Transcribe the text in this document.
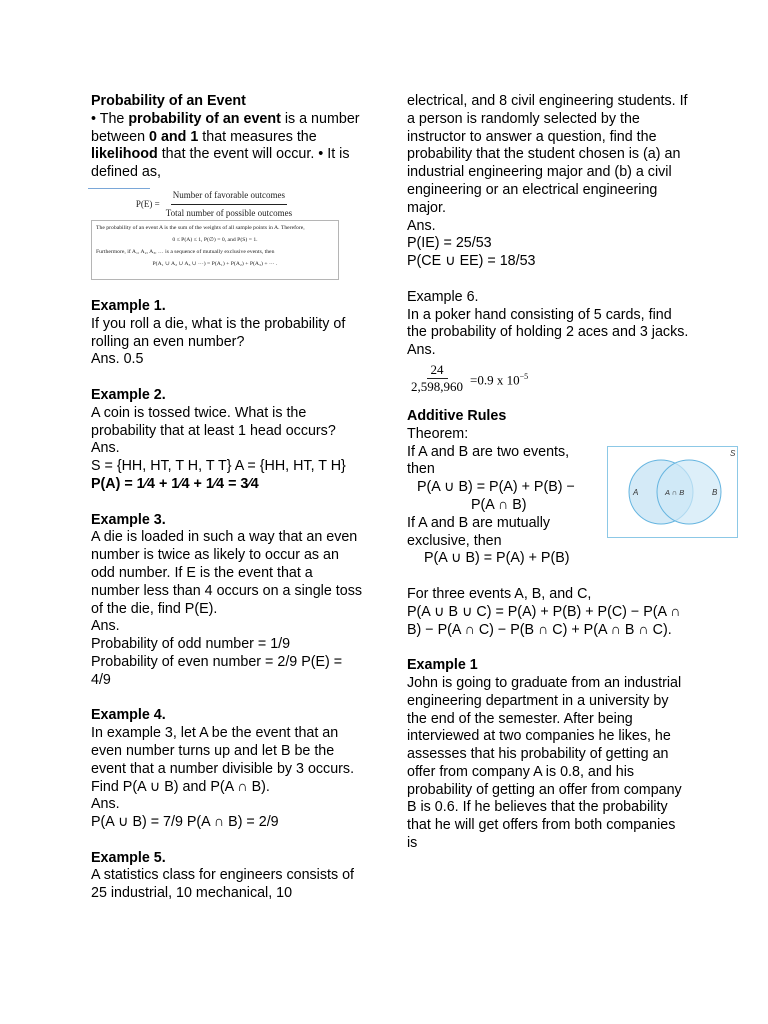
Probability of an Event

• The probability of an event is a number between 0 and 1 that measures the likelihood that the event will occur. • It is defined as,

$P(E) = \frac{\text{Number of favorable outcomes}}{\text{Total number of possible outcomes}}$
The probability of an event A is the sum of the weights of all sample points in A. Therefore,
0 ≤ P(A) ≤ 1, P(∅) = 0, and P(S) = 1.
Furthermore, if A₁, A₂, A₃, … is a sequence of mutually exclusive events, then
P(A₁ ∪ A₂ ∪ A₃ ∪ ···) = P(A₁) + P(A₂) + P(A₃) + ··· .

Example 1.

If you roll a die, what is the probability of rolling an even number?

Ans. 0.5

Example 2.

A coin is tossed twice. What is the probability that at least 1 head occurs?

Ans.

S = {HH, HT, T H, T T} A = {HH, HT, T H} P(A) = 1⁄4 + 1⁄4 + 1⁄4 = 3⁄4

Example 3.

A die is loaded in such a way that an even number is twice as likely to occur as an odd number. If E is the event that a number less than 4 occurs on a single toss of the die, find P(E).

Ans.

Probability of odd number = 1/9

Probability of even number = 2/9 P(E) = 4/9

Example 4.

In example 3, let A be the event that an even number turns up and let B be the event that a number divisible by 3 occurs. Find P(A ∪ B) and P(A ∩ B).

Ans.

P(A ∪ B) = 7/9 P(A ∩ B) = 2/9

Example 5.

A statistics class for engineers consists of 25 industrial, 10 mechanical, 10

electrical, and 8 civil engineering students. If a person is randomly selected by the instructor to answer a question, find the probability that the student chosen is (a) an industrial engineering major and (b) a civil engineering or an electrical engineering major.

Ans.

P(IE) = 25/53

P(CE ∪ EE) = 18/53

Example 6.

In a poker hand consisting of 5 cards, find the probability of holding 2 aces and 3 jacks.

Ans.

$\frac{24}{2,598,960} =0.9$ x $10^{-5}$

Additive Rules

Theorem:

If A and B are two events, then

P(A ∪ B) = P(A) + P(B) −

P(A ∩ B)

If A and B are mutually exclusive, then

P(A ∪ B) = P(A) + P(B)

S
A	A ∩ B	B

For three events A, B, and C,

P(A ∪ B ∪ C) = P(A) + P(B) + P(C) − P(A ∩ B) − P(A ∩ C) − P(B ∩ C) + P(A ∩ B ∩ C).

Example 1

John is going to graduate from an industrial engineering department in a university by the end of the semester. After being interviewed at two companies he likes, he assesses that his probability of getting an offer from company A is 0.8, and his probability of getting an offer from company B is 0.6. If he believes that the probability that he will get offers from both companies is
